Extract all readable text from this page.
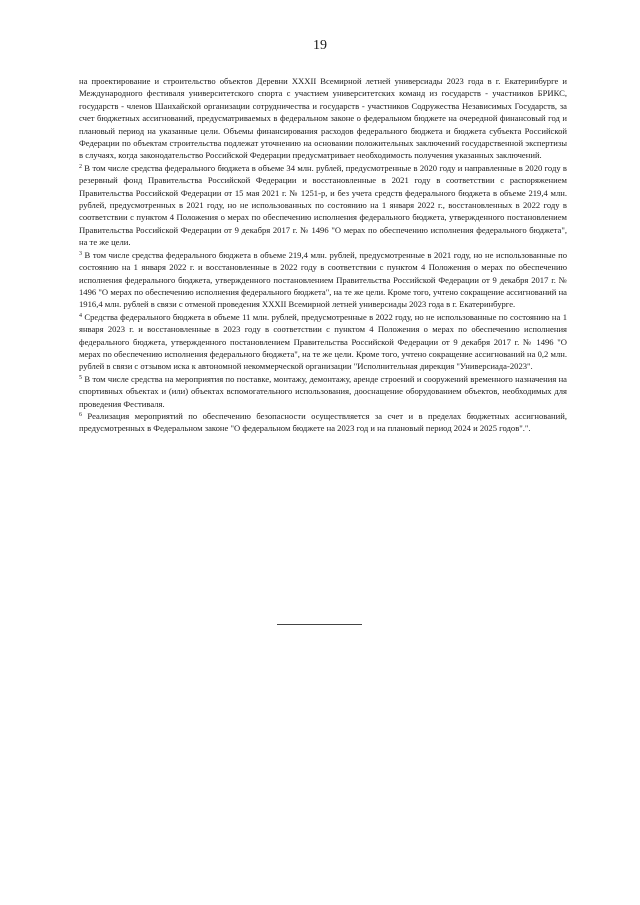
19

на проектирование и строительство объектов Деревни XXXII Всемирной летней универсиады 2023 года в г. Екатеринбурге и Международного фестиваля университетского спорта с участием университетских команд из государств - участников БРИКС, государств - членов Шанхайской организации сотрудничества и государств - участников Содружества Независимых Государств, за счет бюджетных ассигнований, предусматриваемых в федеральном законе о федеральном бюджете на очередной финансовый год и плановый период на указанные цели. Объемы финансирования расходов федерального бюджета и бюджета субъекта Российской Федерации по объектам строительства подлежат уточнению на основании положительных заключений государственной экспертизы в случаях, когда законодательство Российской Федерации предусматривает необходимость получения указанных заключений.

$^2$ В том числе средства федерального бюджета в объеме 34 млн. рублей, предусмотренные в 2020 году и направленные в 2020 году в резервный фонд Правительства Российской Федерации и восстановленные в 2021 году в соответствии с распоряжением Правительства Российской Федерации от 15 мая 2021 г. № 1251-р, и без учета средств федерального бюджета в объеме 219,4 млн. рублей, предусмотренных в 2021 году, но не использованных по состоянию на 1 января 2022 г., восстановленных в 2022 году в соответствии с пунктом 4 Положения о мерах по обеспечению исполнения федерального бюджета, утвержденного постановлением Правительства Российской Федерации от 9 декабря 2017 г. № 1496 "О мерах по обеспечению исполнения федерального бюджета", на те же цели.

$^3$ В том числе средства федерального бюджета в объеме 219,4 млн. рублей, предусмотренные в 2021 году, но не использованные по состоянию на 1 января 2022 г. и восстановленные в 2022 году в соответствии с пунктом 4 Положения о мерах по обеспечению исполнения федерального бюджета, утвержденного постановлением Правительства Российской Федерации от 9 декабря 2017 г. № 1496 "О мерах по обеспечению исполнения федерального бюджета", на те же цели. Кроме того, учтено сокращение ассигнований на 1916,4 млн. рублей в связи с отменой проведения XXXII Всемирной летней универсиады 2023 года в г. Екатеринбурге.

$^4$ Средства федерального бюджета в объеме 11 млн. рублей, предусмотренные в 2022 году, но не использованные по состоянию на 1 января 2023 г. и восстановленные в 2023 году в соответствии с пунктом 4 Положения о мерах по обеспечению исполнения федерального бюджета, утвержденного постановлением Правительства Российской Федерации от 9 декабря 2017 г. № 1496 "О мерах по обеспечению исполнения федерального бюджета", на те же цели. Кроме того, учтено сокращение ассигнований на 0,2 млн. рублей в связи с отзывом иска к автономной некоммерческой организации "Исполнительная дирекция "Универсиада-2023".

$^5$ В том числе средства на мероприятия по поставке, монтажу, демонтажу, аренде строений и сооружений временного назначения на спортивных объектах и (или) объектах вспомогательного использования, дооснащение оборудованием объектов, необходимых для проведения Фестиваля.

$^6$ Реализация мероприятий по обеспечению безопасности осуществляется за счет и в пределах бюджетных ассигнований, предусмотренных в Федеральном законе "О федеральном бюджете на 2023 год и на плановый период 2024 и 2025 годов".".
